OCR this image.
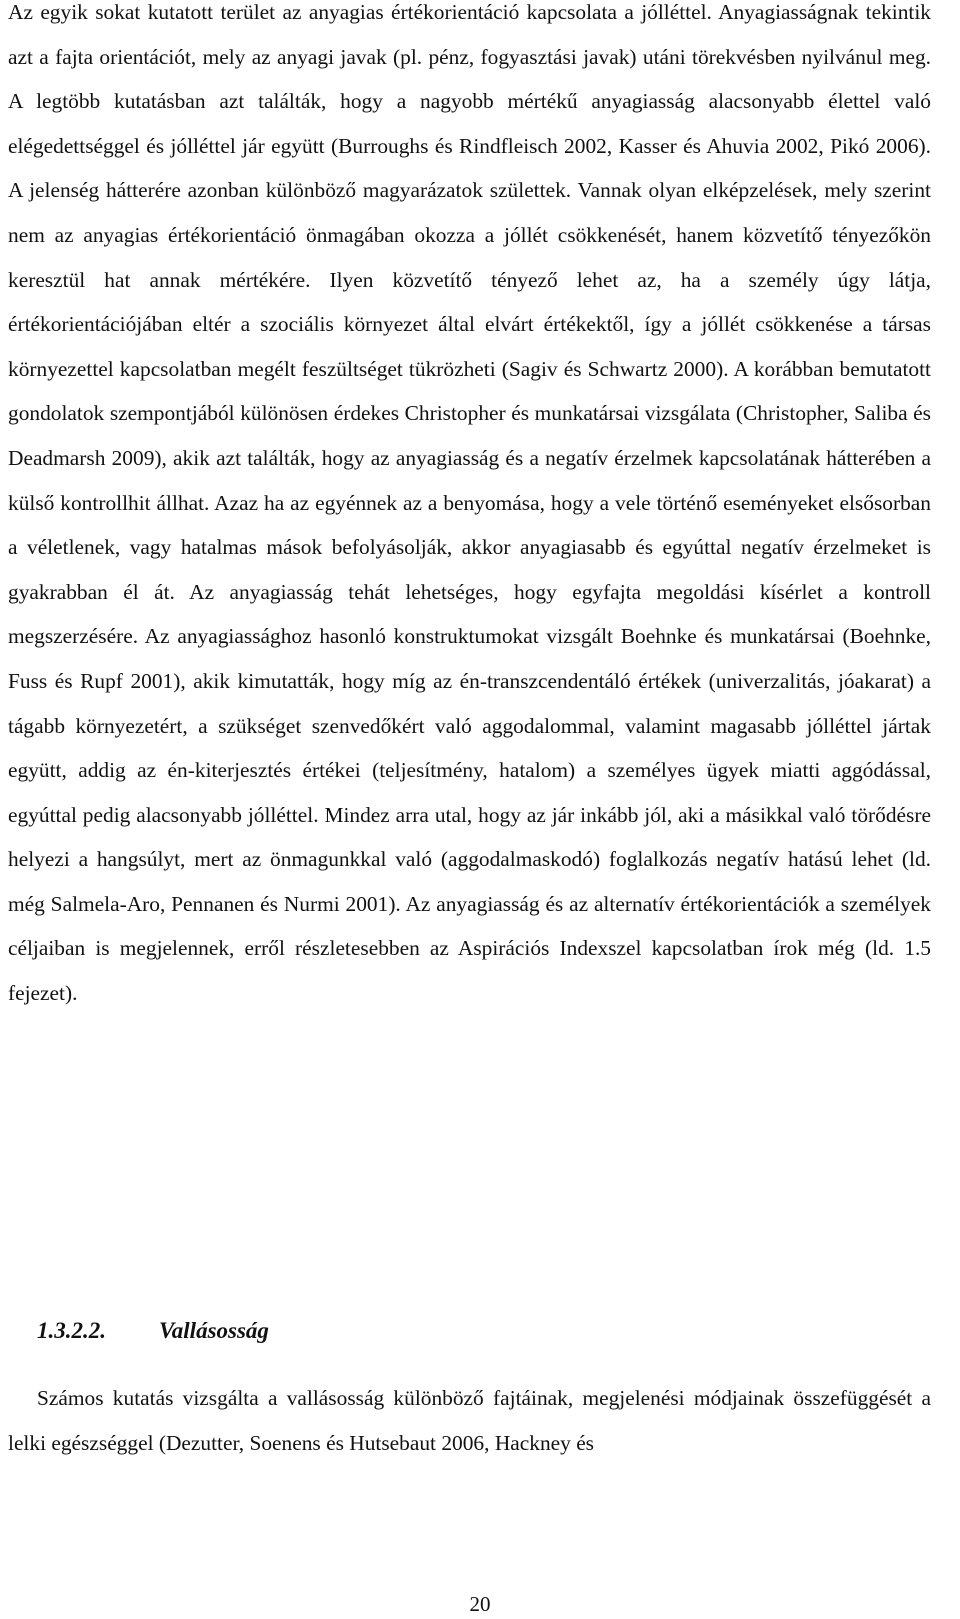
Az egyik sokat kutatott terület az anyagias értékorientáció kapcsolata a jólléttel. Anyagiasságnak tekintik azt a fajta orientációt, mely az anyagi javak (pl. pénz, fogyasztási javak) utáni törekvésben nyilvánul meg. A legtöbb kutatásban azt találták, hogy a nagyobb mértékű anyagiasság alacsonyabb élettel való elégedettséggel és jólléttel jár együtt (Burroughs és Rindfleisch 2002, Kasser és Ahuvia 2002, Pikó 2006). A jelenség hátterére azonban különböző magyarázatok születtek. Vannak olyan elképzelések, mely szerint nem az anyagias értékorientáció önmagában okozza a jóllét csökkenését, hanem közvetítő tényezőkön keresztül hat annak mértékére. Ilyen közvetítő tényező lehet az, ha a személy úgy látja, értékorientációjában eltér a szociális környezet által elvárt értékektől, így a jóllét csökkenése a társas környezettel kapcsolatban megélt feszültséget tükrözheti (Sagiv és Schwartz 2000). A korábban bemutatott gondolatok szempontjából különösen érdekes Christopher és munkatársai vizsgálata (Christopher, Saliba és Deadmarsh 2009), akik azt találták, hogy az anyagiasság és a negatív érzelmek kapcsolatának hátterében a külső kontrollhit állhat. Azaz ha az egyénnek az a benyomása, hogy a vele történő eseményeket elsősorban a véletlenek, vagy hatalmas mások befolyásolják, akkor anyagiasabb és egyúttal negatív érzelmeket is gyakrabban él át. Az anyagiasság tehát lehetséges, hogy egyfajta megoldási kísérlet a kontroll megszerzésére. Az anyagiassághoz hasonló konstruktumokat vizsgált Boehnke és munkatársai (Boehnke, Fuss és Rupf 2001), akik kimutatták, hogy míg az én-transzcendentáló értékek (univerzalitás, jóakarat) a tágabb környezetért, a szükséget szenvedőkért való aggodalommal, valamint magasabb jólléttel jártak együtt, addig az én-kiterjesztés értékei (teljesítmény, hatalom) a személyes ügyek miatti aggódással, egyúttal pedig alacsonyabb jólléttel. Mindez arra utal, hogy az jár inkább jól, aki a másikkal való törődésre helyezi a hangsúlyt, mert az önmagunkkal való (aggodalmaskodó) foglalkozás negatív hatású lehet (ld. még Salmela-Aro, Pennanen és Nurmi 2001). Az anyagiasság és az alternatív értékorientációk a személyek céljaiban is megjelennek, erről részletesebben az Aspirációs Indexszel kapcsolatban írok még (ld. 1.5 fejezet).

1.3.2.2. Vallásosság

Számos kutatás vizsgálta a vallásosság különböző fajtáinak, megjelenési módjainak összefüggését a lelki egészséggel (Dezutter, Soenens és Hutsebaut 2006, Hackney és

20
